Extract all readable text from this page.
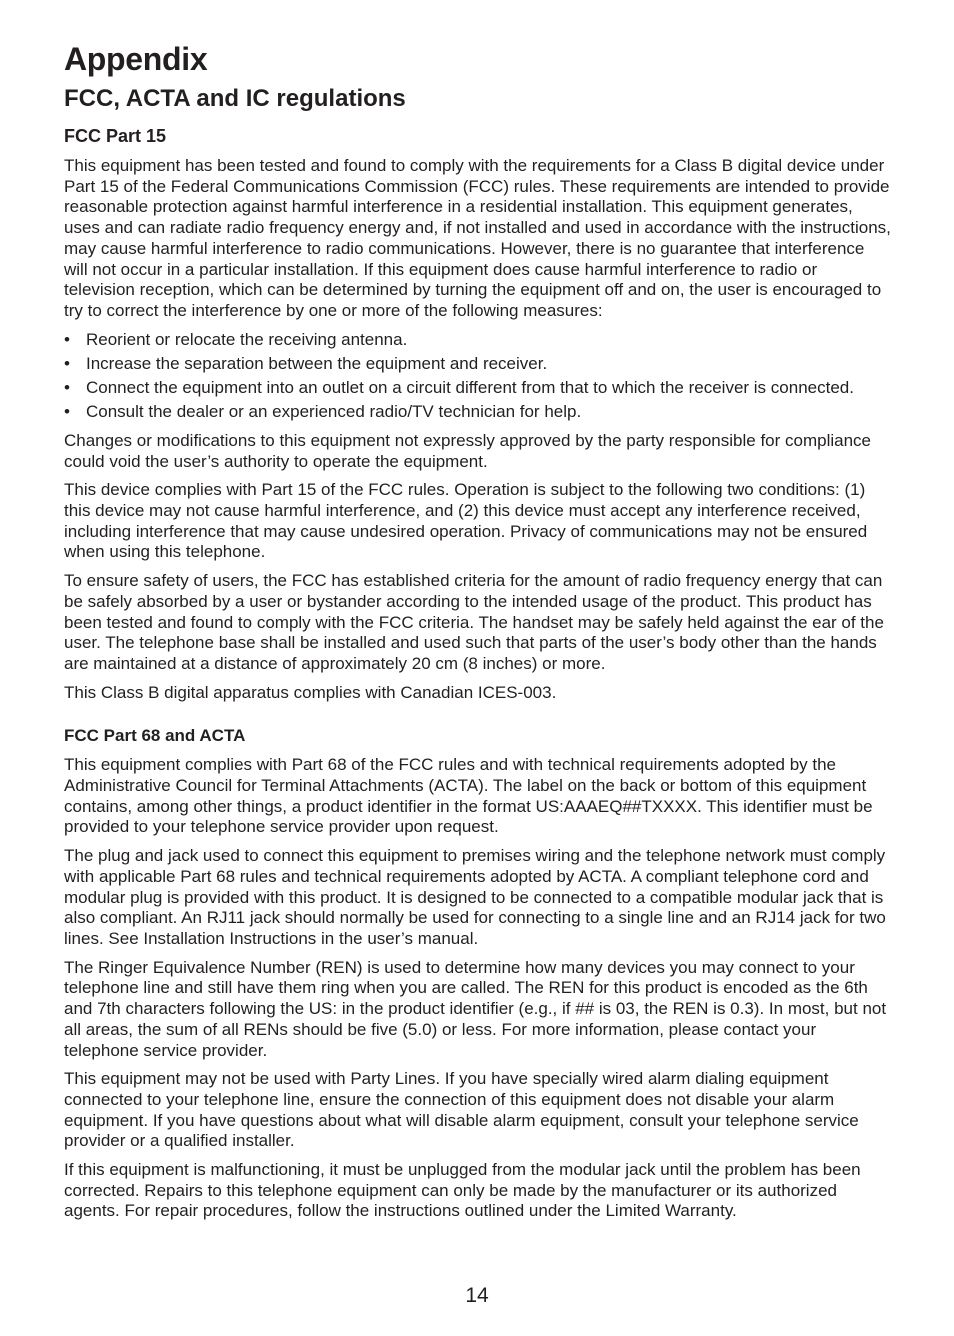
Appendix
FCC, ACTA and IC regulations
FCC Part 15

This equipment has been tested and found to comply with the requirements for a Class B digital device under Part 15 of the Federal Communications Commission (FCC) rules. These requirements are intended to provide reasonable protection against harmful interference in a residential installation. This equipment generates, uses and can radiate radio frequency energy and, if not installed and used in accordance with the instructions, may cause harmful interference to radio communications. However, there is no guarantee that interference will not occur in a particular installation. If this equipment does cause harmful interference to radio or television reception, which can be determined by turning the equipment off and on, the user is encouraged to try to correct the interference by one or more of the following measures:

• Reorient or relocate the receiving antenna.
• Increase the separation between the equipment and receiver.
• Connect the equipment into an outlet on a circuit different from that to which the receiver is connected.
• Consult the dealer or an experienced radio/TV technician for help.

Changes or modifications to this equipment not expressly approved by the party responsible for compliance could void the user’s authority to operate the equipment.

This device complies with Part 15 of the FCC rules. Operation is subject to the following two conditions: (1) this device may not cause harmful interference, and (2) this device must accept any interference received, including interference that may cause undesired operation. Privacy of communications may not be ensured when using this telephone.

To ensure safety of users, the FCC has established criteria for the amount of radio frequency energy that can be safely absorbed by a user or bystander according to the intended usage of the product. This product has been tested and found to comply with the FCC criteria. The handset may be safely held against the ear of the user. The telephone base shall be installed and used such that parts of the user’s body other than the hands are maintained at a distance of approximately 20 cm (8 inches) or more.

This Class B digital apparatus complies with Canadian ICES-003.

FCC Part 68 and ACTA

This equipment complies with Part 68 of the FCC rules and with technical requirements adopted by the Administrative Council for Terminal Attachments (ACTA). The label on the back or bottom of this equipment contains, among other things, a product identifier in the format US:AAAEQ##TXXXX. This identifier must be provided to your telephone service provider upon request.

The plug and jack used to connect this equipment to premises wiring and the telephone network must comply with applicable Part 68 rules and technical requirements adopted by ACTA. A compliant telephone cord and modular plug is provided with this product. It is designed to be connected to a compatible modular jack that is also compliant. An RJ11 jack should normally be used for connecting to a single line and an RJ14 jack for two lines. See Installation Instructions in the user’s manual.

The Ringer Equivalence Number (REN) is used to determine how many devices you may connect to your telephone line and still have them ring when you are called. The REN for this product is encoded as the 6th and 7th characters following the US: in the product identifier (e.g., if ## is 03, the REN is 0.3). In most, but not all areas, the sum of all RENs should be five (5.0) or less. For more information, please contact your telephone service provider.

This equipment may not be used with Party Lines. If you have specially wired alarm dialing equipment connected to your telephone line, ensure the connection of this equipment does not disable your alarm equipment. If you have questions about what will disable alarm equipment, consult your telephone service provider or a qualified installer.

If this equipment is malfunctioning, it must be unplugged from the modular jack until the problem has been corrected. Repairs to this telephone equipment can only be made by the manufacturer or its authorized agents. For repair procedures, follow the instructions outlined under the Limited Warranty.

14
